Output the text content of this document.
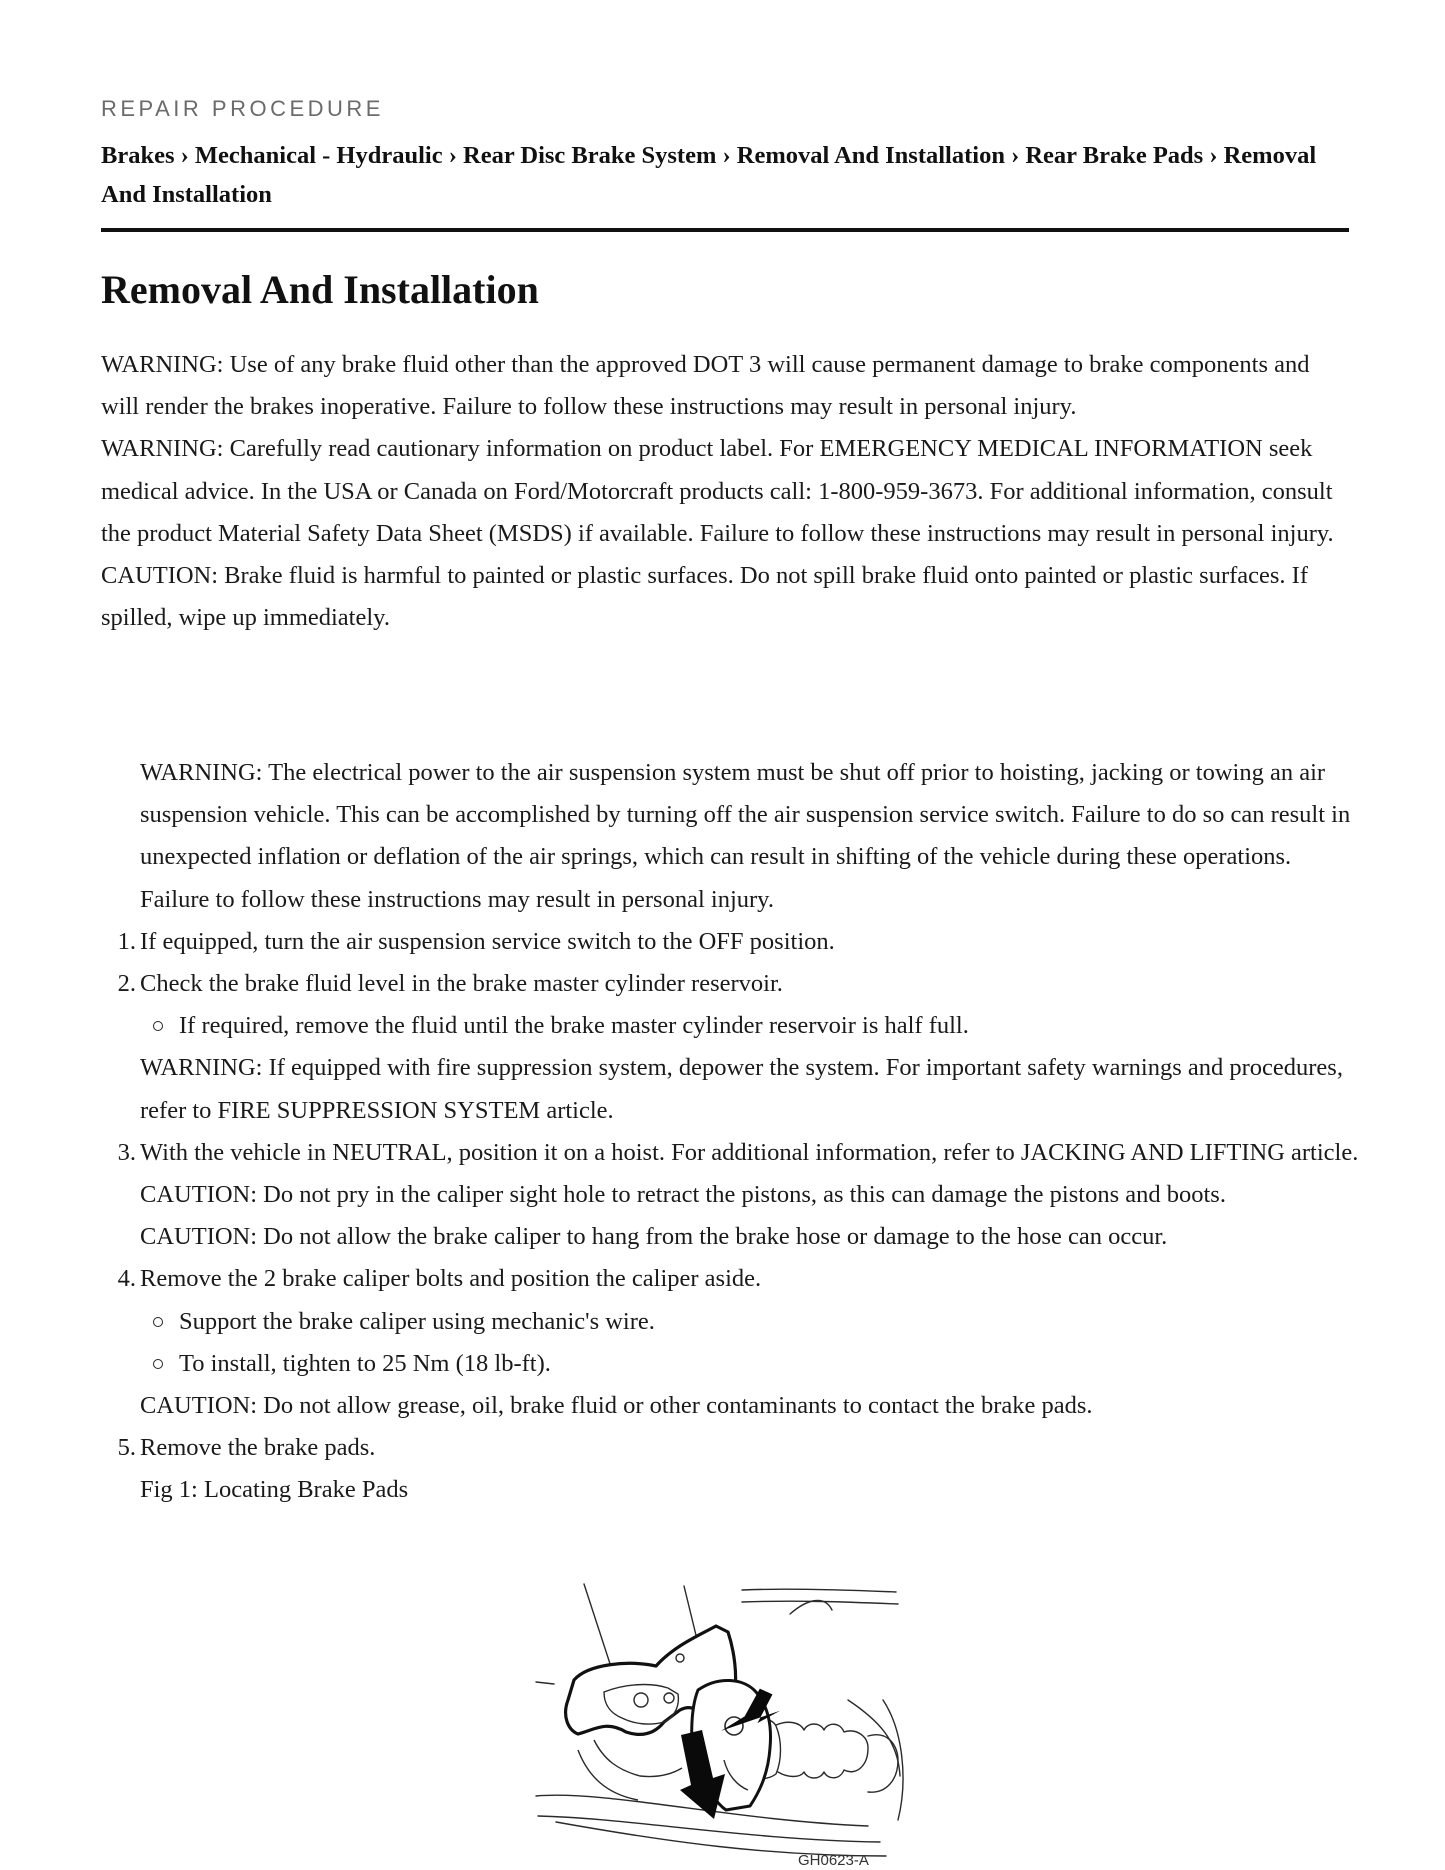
REPAIR PROCEDURE
Brakes › Mechanical - Hydraulic › Rear Disc Brake System › Removal And Installation › Rear Brake Pads › Removal And Installation
Removal And Installation

WARNING: Use of any brake fluid other than the approved DOT 3 will cause permanent damage to brake components and will render the brakes inoperative. Failure to follow these instructions may result in personal injury.

WARNING: Carefully read cautionary information on product label. For EMERGENCY MEDICAL INFORMATION seek medical advice. In the USA or Canada on Ford/Motorcraft products call: 1-800-959-3673. For additional information, consult the product Material Safety Data Sheet (MSDS) if available. Failure to follow these instructions may result in personal injury.

CAUTION: Brake fluid is harmful to painted or plastic surfaces. Do not spill brake fluid onto painted or plastic surfaces. If spilled, wipe up immediately.

WARNING: The electrical power to the air suspension system must be shut off prior to hoisting, jacking or towing an air suspension vehicle. This can be accomplished by turning off the air suspension service switch. Failure to do so can result in unexpected inflation or deflation of the air springs, which can result in shifting of the vehicle during these operations. Failure to follow these instructions may result in personal injury.

1. If equipped, turn the air suspension service switch to the OFF position.
2. Check the brake fluid level in the brake master cylinder reservoir.
If required, remove the fluid until the brake master cylinder reservoir is half full.

WARNING: If equipped with fire suppression system, depower the system. For important safety warnings and procedures, refer to FIRE SUPPRESSION SYSTEM article.

3. With the vehicle in NEUTRAL, position it on a hoist. For additional information, refer to JACKING AND LIFTING article.

CAUTION: Do not pry in the caliper sight hole to retract the pistons, as this can damage the pistons and boots.

CAUTION: Do not allow the brake caliper to hang from the brake hose or damage to the hose can occur.

4. Remove the 2 brake caliper bolts and position the caliper aside.
Support the brake caliper using mechanic's wire.
To install, tighten to 25 Nm (18 lb-ft).

CAUTION: Do not allow grease, oil, brake fluid or other contaminants to contact the brake pads.

5. Remove the brake pads.

Fig 1: Locating Brake Pads

GH0623-A
